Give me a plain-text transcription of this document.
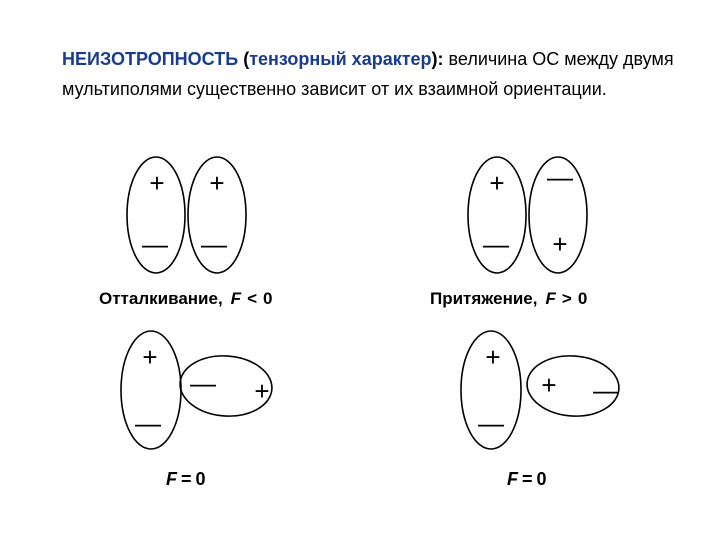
НЕИЗОТРОПНОСТЬ (тензорный характер): величина ОС между двумя мультиполями существенно зависит от их взаимной ориентации.
+ +
— —
+ —
— +
+
—
— +
+
—
+ —
Отталкивание, F < 0	Притяжение, F > 0
F = 0	F = 0
